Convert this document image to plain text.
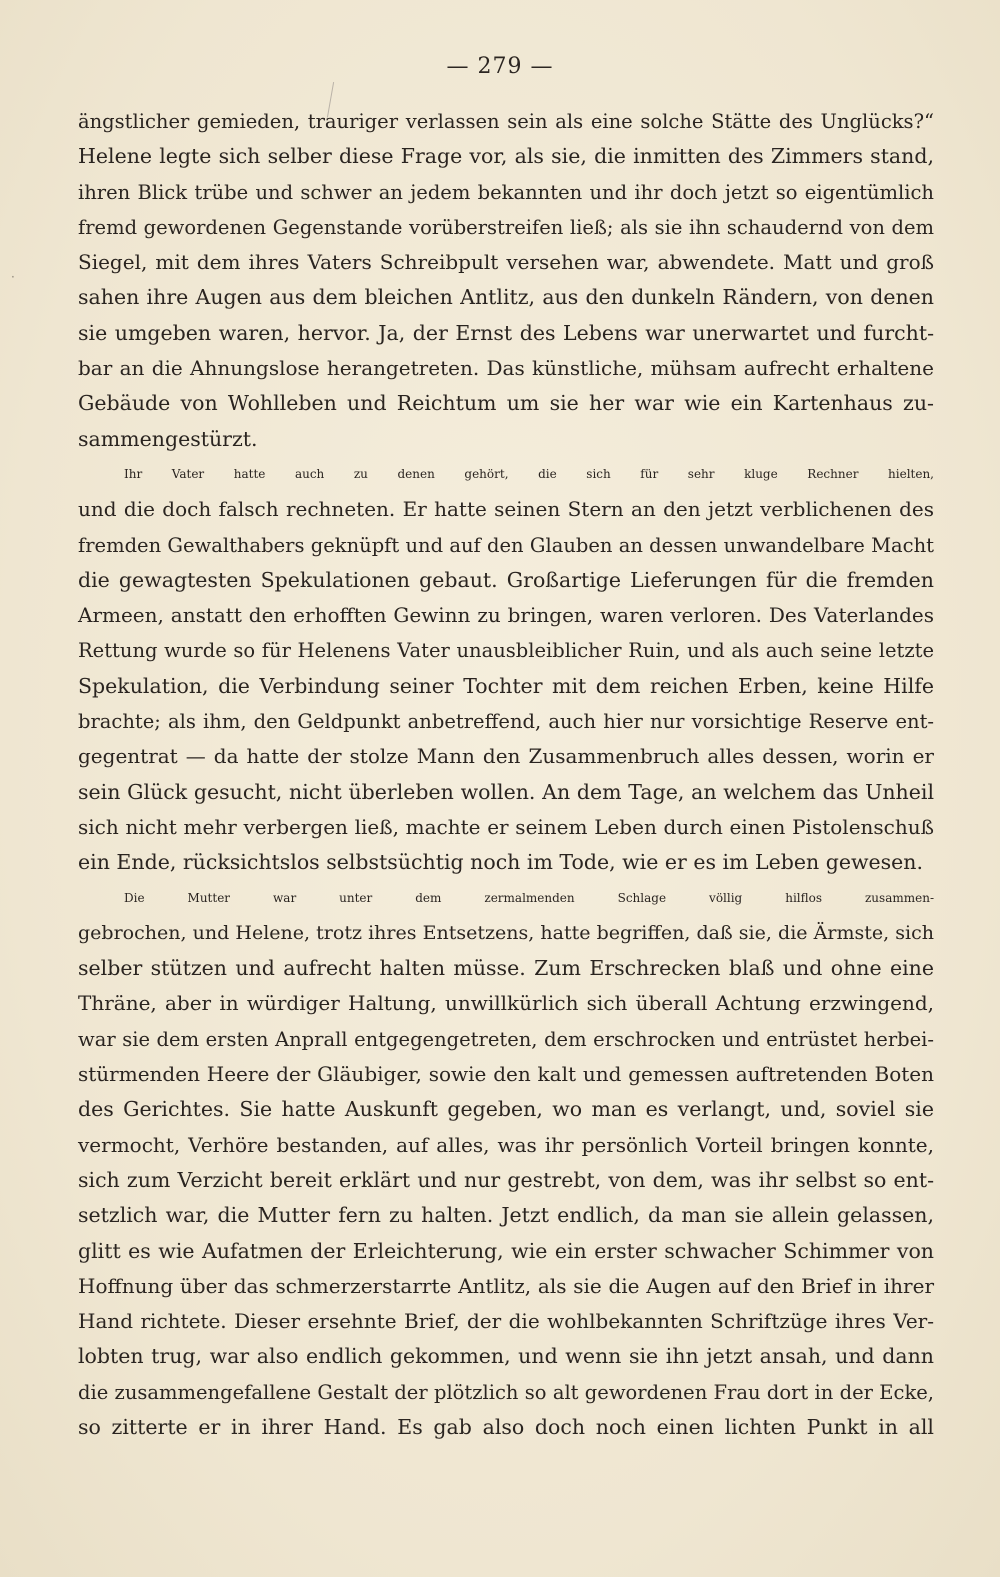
— 279 —
·
ängstlicher gemieden, trauriger verlassen sein als eine solche Stätte des Unglücks?“
Helene legte sich selber diese Frage vor, als sie, die inmitten des Zimmers stand,
ihren Blick trübe und schwer an jedem bekannten und ihr doch jetzt so eigentümlich
fremd gewordenen Gegenstande vorüberstreifen ließ; als sie ihn schaudernd von dem
Siegel, mit dem ihres Vaters Schreibpult versehen war, abwendete. Matt und groß
sahen ihre Augen aus dem bleichen Antlitz, aus den dunkeln Rändern, von denen
sie umgeben waren, hervor. Ja, der Ernst des Lebens war unerwartet und furcht-
bar an die Ahnungslose herangetreten. Das künstliche, mühsam aufrecht erhaltene
Gebäude von Wohlleben und Reichtum um sie her war wie ein Kartenhaus zu-
sammengestürzt.
Ihr Vater hatte auch zu denen gehört, die sich für sehr kluge Rechner hielten,
und die doch falsch rechneten. Er hatte seinen Stern an den jetzt verblichenen des
fremden Gewalthabers geknüpft und auf den Glauben an dessen unwandelbare Macht
die gewagtesten Spekulationen gebaut. Großartige Lieferungen für die fremden
Armeen, anstatt den erhofften Gewinn zu bringen, waren verloren. Des Vaterlandes
Rettung wurde so für Helenens Vater unausbleiblicher Ruin, und als auch seine letzte
Spekulation, die Verbindung seiner Tochter mit dem reichen Erben, keine Hilfe
brachte; als ihm, den Geldpunkt anbetreffend, auch hier nur vorsichtige Reserve ent-
gegentrat — da hatte der stolze Mann den Zusammenbruch alles dessen, worin er
sein Glück gesucht, nicht überleben wollen. An dem Tage, an welchem das Unheil
sich nicht mehr verbergen ließ, machte er seinem Leben durch einen Pistolenschuß
ein Ende, rücksichtslos selbstsüchtig noch im Tode, wie er es im Leben gewesen.
Die Mutter war unter dem zermalmenden Schlage völlig hilflos zusammen-
gebrochen, und Helene, trotz ihres Entsetzens, hatte begriffen, daß sie, die Ärmste, sich
selber stützen und aufrecht halten müsse. Zum Erschrecken blaß und ohne eine
Thräne, aber in würdiger Haltung, unwillkürlich sich überall Achtung erzwingend,
war sie dem ersten Anprall entgegengetreten, dem erschrocken und entrüstet herbei-
stürmenden Heere der Gläubiger, sowie den kalt und gemessen auftretenden Boten
des Gerichtes. Sie hatte Auskunft gegeben, wo man es verlangt, und, soviel sie
vermocht, Verhöre bestanden, auf alles, was ihr persönlich Vorteil bringen konnte,
sich zum Verzicht bereit erklärt und nur gestrebt, von dem, was ihr selbst so ent-
setzlich war, die Mutter fern zu halten. Jetzt endlich, da man sie allein gelassen,
glitt es wie Aufatmen der Erleichterung, wie ein erster schwacher Schimmer von
Hoffnung über das schmerzerstarrte Antlitz, als sie die Augen auf den Brief in ihrer
Hand richtete. Dieser ersehnte Brief, der die wohlbekannten Schriftzüge ihres Ver-
lobten trug, war also endlich gekommen, und wenn sie ihn jetzt ansah, und dann
die zusammengefallene Gestalt der plötzlich so alt gewordenen Frau dort in der Ecke,
so zitterte er in ihrer Hand. Es gab also doch noch einen lichten Punkt in all
